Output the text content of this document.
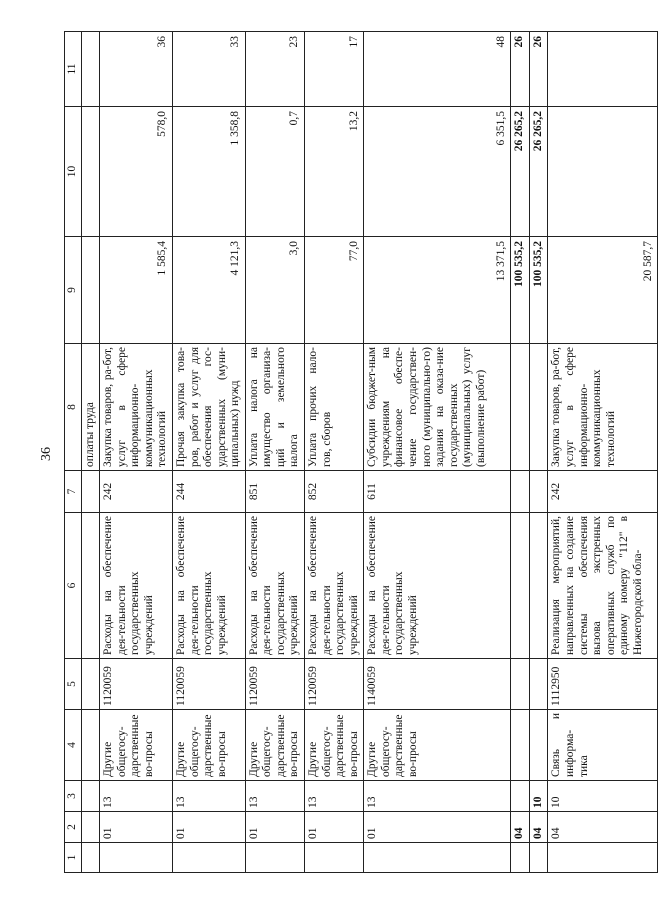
36
1	2	3	4	5	6	7	8	9	10	11
							оплаты труда			
	01	13	Другие общегосу-дарственные во-просы	1120059	Расходы на обеспечение дея-тельности государственных учреждений	242	Закупка товаров, ра-бот, услуг в сфере информационно-коммуникационных технологий	1 585,4	578,0	36
	01	13	Другие общегосу-дарственные во-просы	1120059	Расходы на обеспечение дея-тельности государственных учреждений	244	Прочая закупка това-ров, работ и услуг для обеспечения гос-ударственных (муни-ципальных) нужд	4 121,3	1 358,8	33
	01	13	Другие общегосу-дарственные во-просы	1120059	Расходы на обеспечение дея-тельности государственных учреждений	851	Уплата налога на имущество организа-ций и земельного налога	3,0	0,7	23
	01	13	Другие общегосу-дарственные во-просы	1120059	Расходы на обеспечение дея-тельности государственных учреждений	852	Уплата прочих нало-гов, сборов	77,0	13,2	17
	01	13	Другие общегосу-дарственные во-просы	1140059	Расходы на обеспечение дея-тельности государственных учреждений	611	Субсидии бюджет-ным учреждениям на финансовое обеспе-чение государствен-ного (муниципально-го) задания на оказа-ние государственных (муниципальных) услуг (выполнение работ)	13 371,5	6 351,5	48
	04							100 535,2	26 265,2	26
	04	10						100 535,2	26 265,2	26
	04	10	Связь и информа-тика	1112950	Реализация мероприятий, направленных на создание системы обеспечения вызова экстренных оперативных служб по единому номеру "112" в Нижегородской обла-	242	Закупка товаров, ра-бот, услуг в сфере информационно-коммуникационных технологий	20 587,7		
